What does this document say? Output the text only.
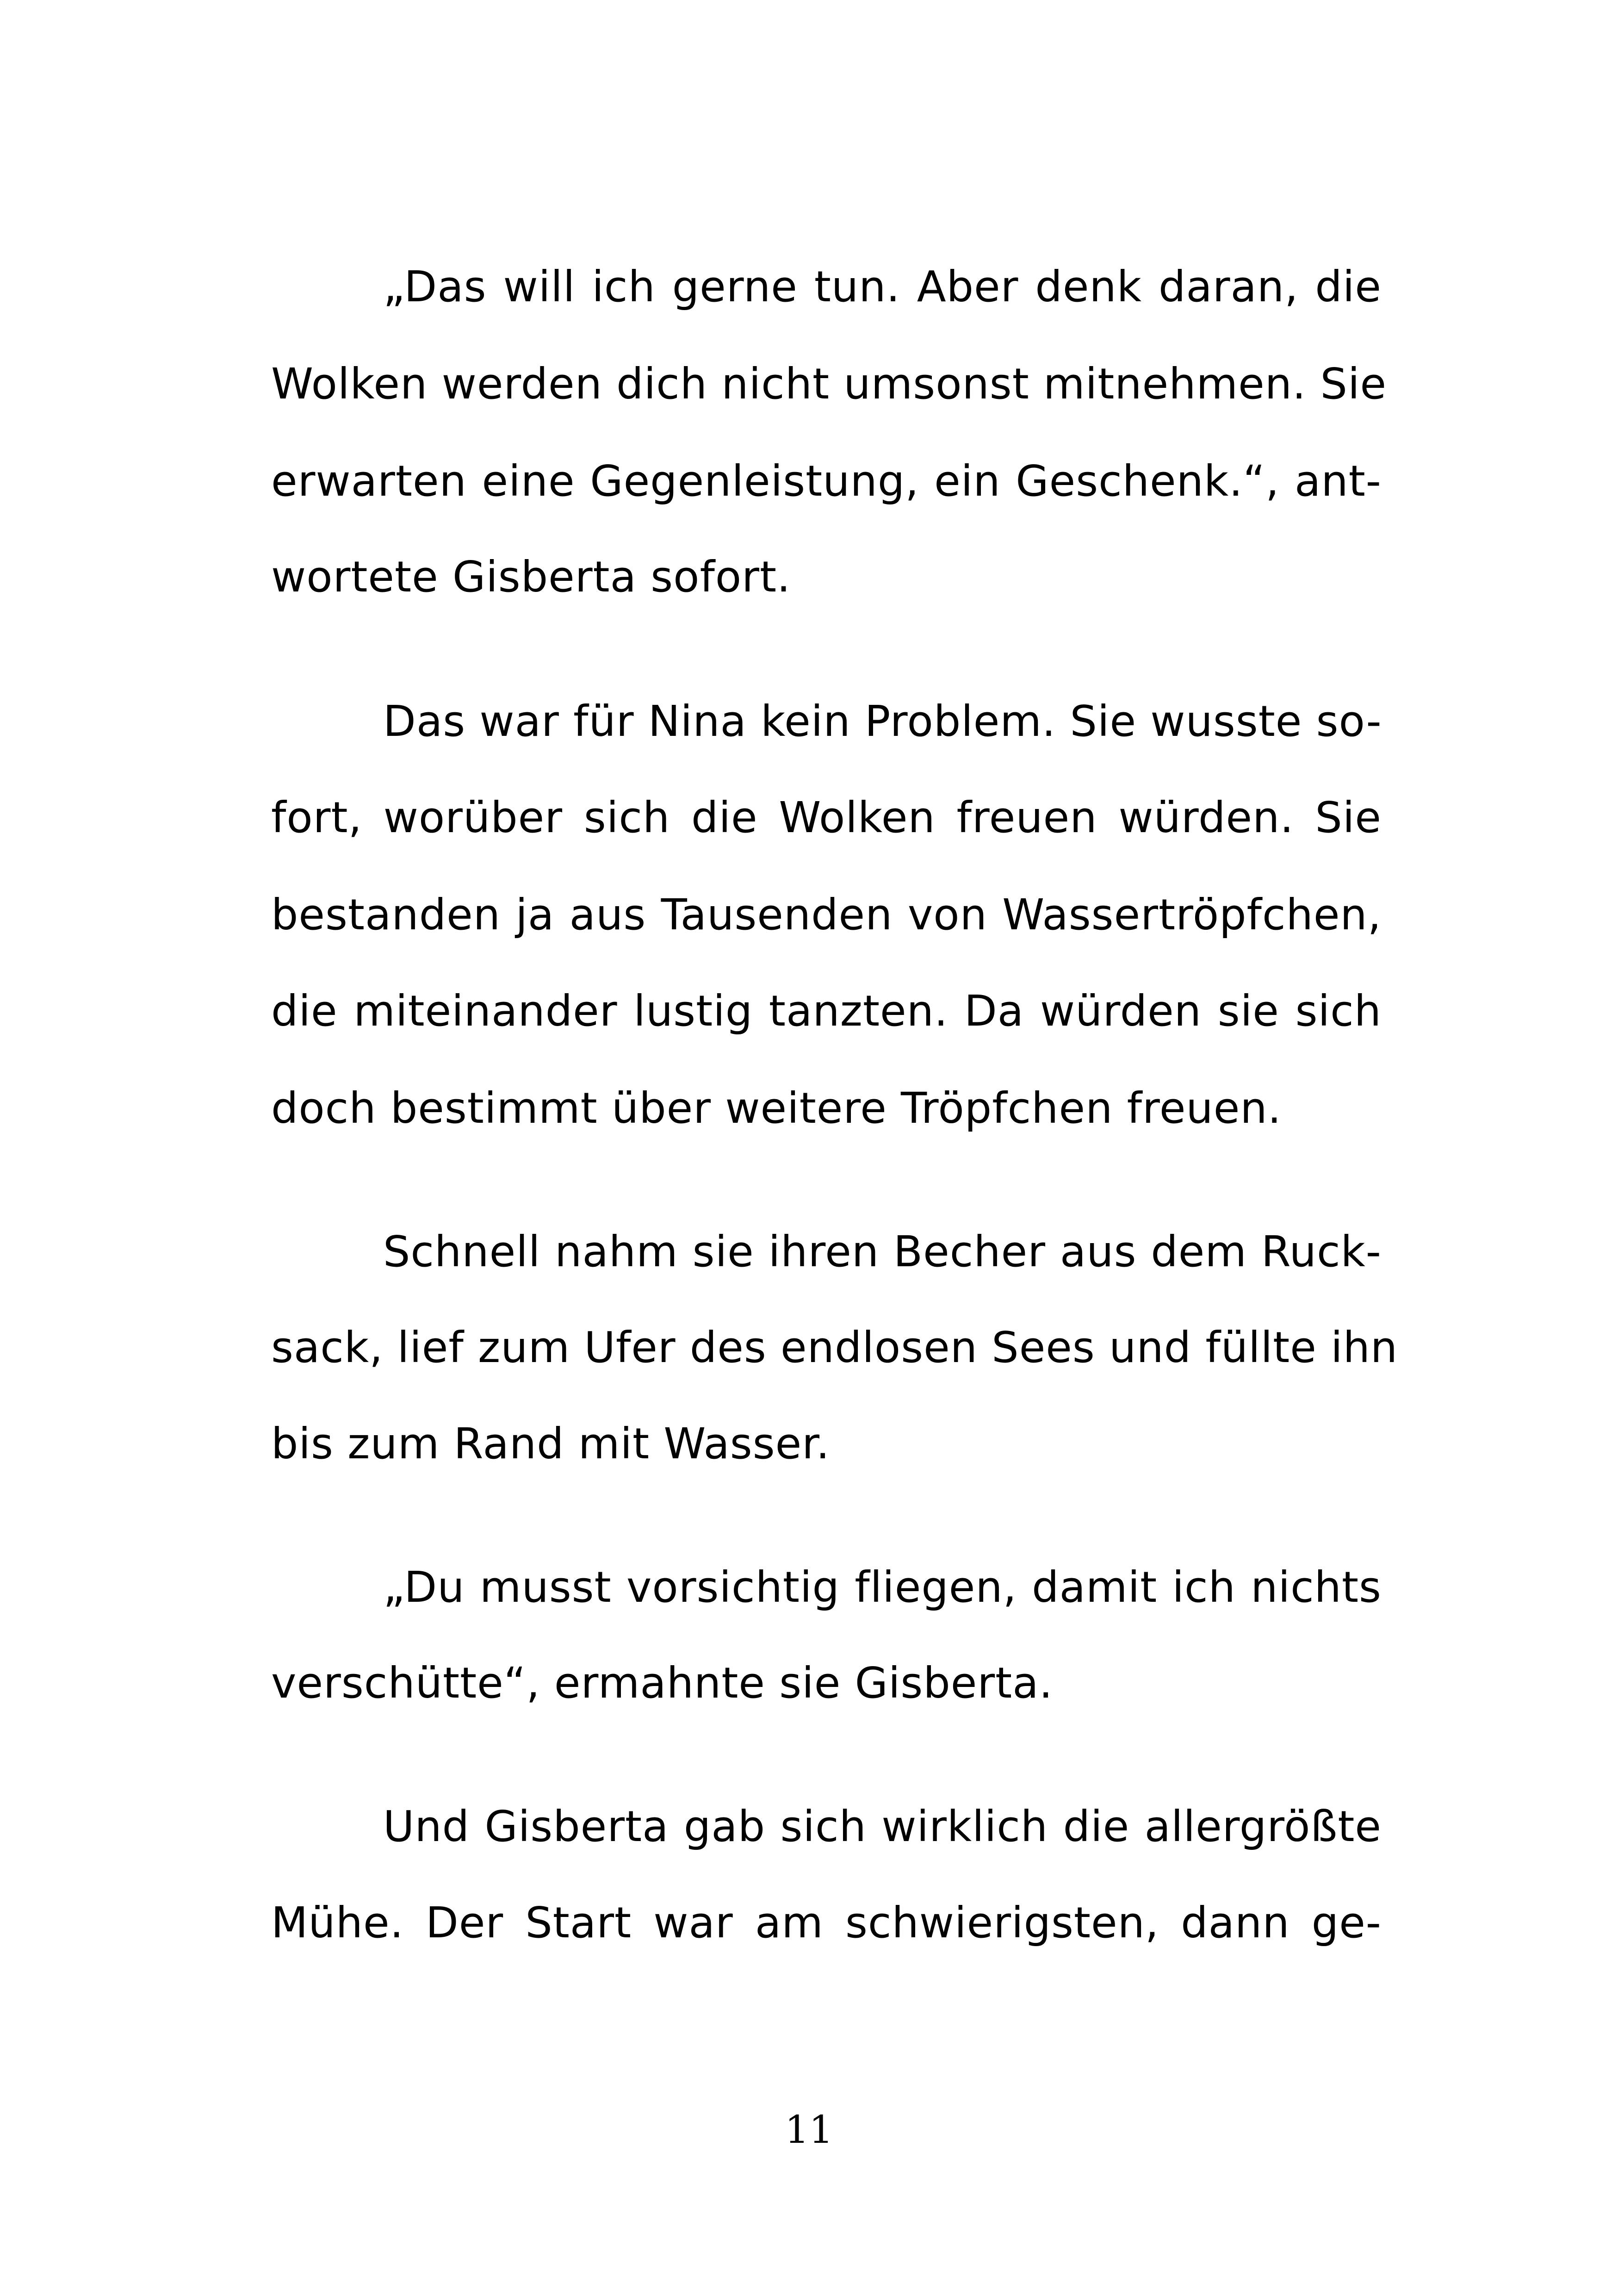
„Das will ich gerne tun. Aber denk daran, die
Wolken werden dich nicht umsonst mitnehmen. Sie
erwarten eine Gegenleistung, ein Geschenk.“, ant-
wortete Gisberta sofort.
Das war für Nina kein Problem. Sie wusste so-
fort, worüber sich die Wolken freuen würden. Sie
bestanden ja aus Tausenden von Wassertröpfchen,
die miteinander lustig tanzten. Da würden sie sich
doch bestimmt über weitere Tröpfchen freuen.
Schnell nahm sie ihren Becher aus dem Ruck-
sack, lief zum Ufer des endlosen Sees und füllte ihn
bis zum Rand mit Wasser.
„Du musst vorsichtig fliegen, damit ich nichts
verschütte“, ermahnte sie Gisberta.
Und Gisberta gab sich wirklich die allergrößte
Mühe. Der Start war am schwierigsten, dann ge-
11
